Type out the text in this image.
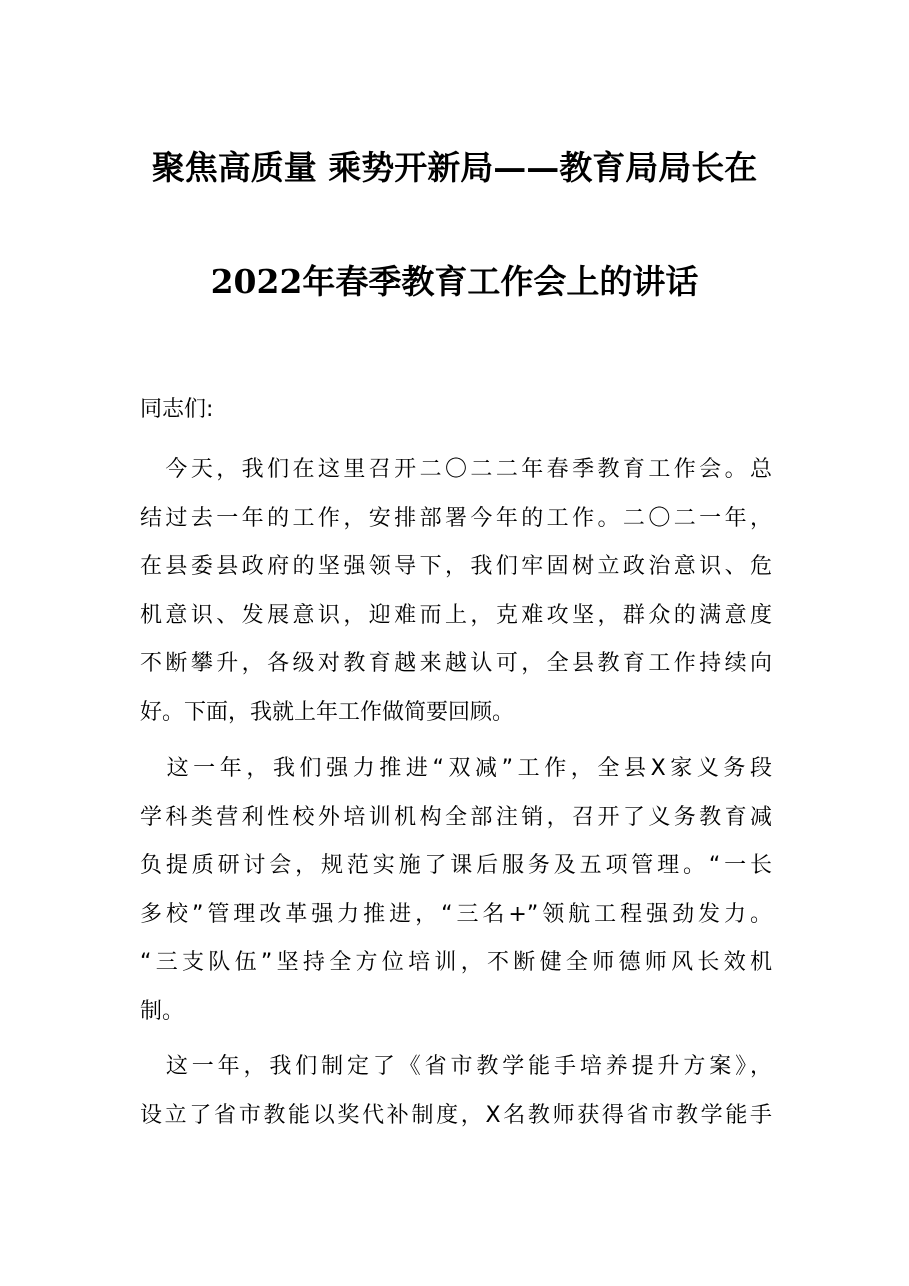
聚焦高质量 乘势开新局——教育局局长在
2022年春季教育工作会上的讲话
同志们:
　今天，我们在这里召开二〇二二年春季教育工作会。总
结过去一年的工作，安排部署今年的工作。二〇二一年，
在县委县政府的坚强领导下，我们牢固树立政治意识、危
机意识、发展意识，迎难而上，克难攻坚，群众的满意度
不断攀升，各级对教育越来越认可，全县教育工作持续向
好。下面，我就上年工作做简要回顾。
　这一年，我们强力推进“双减”工作，全县X家义务段
学科类营利性校外培训机构全部注销，召开了义务教育减
负提质研讨会，规范实施了课后服务及五项管理。“一长
多校”管理改革强力推进，“三名+”领航工程强劲发力。
“三支队伍”坚持全方位培训，不断健全师德师风长效机
制。
　这一年，我们制定了《省市教学能手培养提升方案》，
设立了省市教能以奖代补制度，X名教师获得省市教学能手
